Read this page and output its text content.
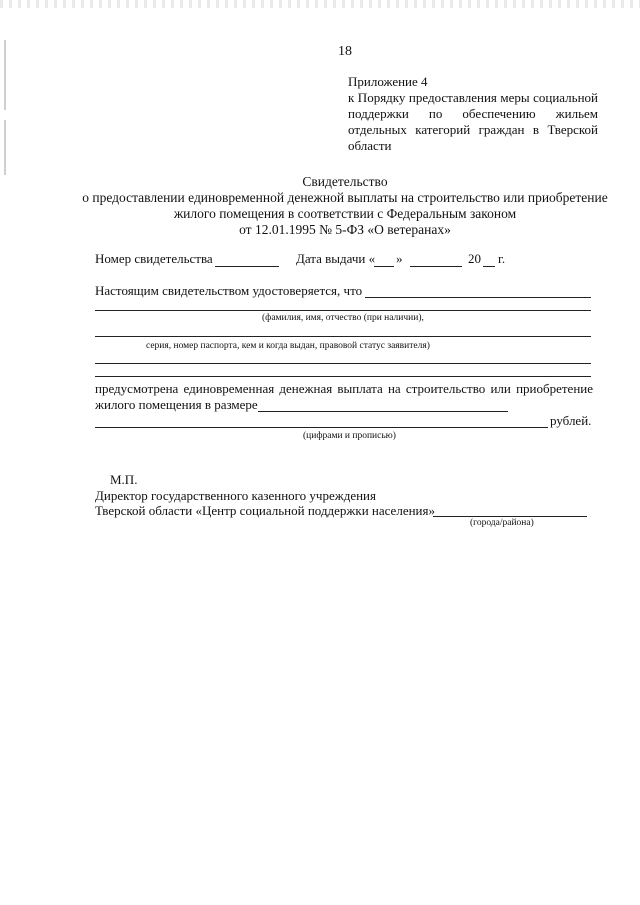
18
Приложение 4
к Порядку предоставления меры социальной
поддержки по обеспечению жильем
отдельных категорий граждан в Тверской
области
Свидетельство
о предоставлении единовременной денежной выплаты на строительство или приобретение
жилого помещения в соответствии с Федеральным законом
от 12.01.1995 № 5-ФЗ «О ветеранах»
Номер свидетельства	Дата выдачи « »	20 г.
Настоящим свидетельством удостоверяется, что
(фамилия, имя, отчество (при наличии),
серия, номер паспорта, кем и когда выдан, правовой статус заявителя)
предусмотрена единовременная денежная выплата на строительство или приобретение
жилого помещения в размере
рублей.
(цифрами и прописью)
М.П.
Директор государственного казенного учреждения
Тверской области «Центр социальной поддержки населения»
(города/района)
